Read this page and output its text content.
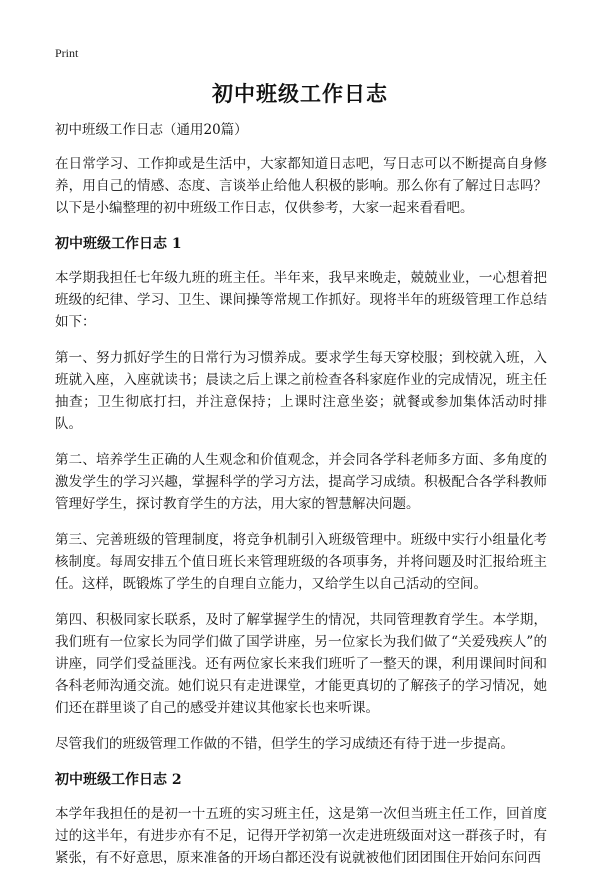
Print
初中班级工作日志

初中班级工作日志（通用20篇）

在日常学习、工作抑或是生活中，大家都知道日志吧，写日志可以不断提高自身修养，用自己的情感、态度、言谈举止给他人积极的影响。那么你有了解过日志吗？以下是小编整理的初中班级工作日志，仅供参考，大家一起来看看吧。

初中班级工作日志 1

本学期我担任七年级九班的班主任。半年来，我早来晚走，兢兢业业，一心想着把班级的纪律、学习、卫生、课间操等常规工作抓好。现将半年的班级管理工作总结如下：

第一、努力抓好学生的日常行为习惯养成。要求学生每天穿校服；到校就入班，入班就入座，入座就读书；晨读之后上课之前检查各科家庭作业的完成情况，班主任抽查；卫生彻底打扫，并注意保持；上课时注意坐姿；就餐或参加集体活动时排队。

第二、培养学生正确的人生观念和价值观念，并会同各学科老师多方面、多角度的激发学生的学习兴趣，掌握科学的学习方法，提高学习成绩。积极配合各学科教师管理好学生，探讨教育学生的方法，用大家的智慧解决问题。

第三、完善班级的管理制度，将竞争机制引入班级管理中。班级中实行小组量化考核制度。每周安排五个值日班长来管理班级的各项事务，并将问题及时汇报给班主任。这样，既锻炼了学生的自理自立能力，又给学生以自己活动的空间。

第四、积极同家长联系，及时了解掌握学生的情况，共同管理教育学生。本学期，我们班有一位家长为同学们做了国学讲座，另一位家长为我们做了“关爱残疾人”的讲座，同学们受益匪浅。还有两位家长来我们班听了一整天的课，利用课间时间和各科老师沟通交流。她们说只有走进课堂，才能更真切的了解孩子的学习情况，她们还在群里谈了自己的感受并建议其他家长也来听课。

尽管我们的班级管理工作做的不错，但学生的学习成绩还有待于进一步提高。

初中班级工作日志 2

本学年我担任的是初一十五班的实习班主任，这是第一次但当班主任工作，回首度过的这半年，有进步亦有不足，记得开学初第一次走进班级面对这一群孩子时，有紧张，有不好意思，原来准备的开场白都还没有说就被他们团团围住开始问东问西
